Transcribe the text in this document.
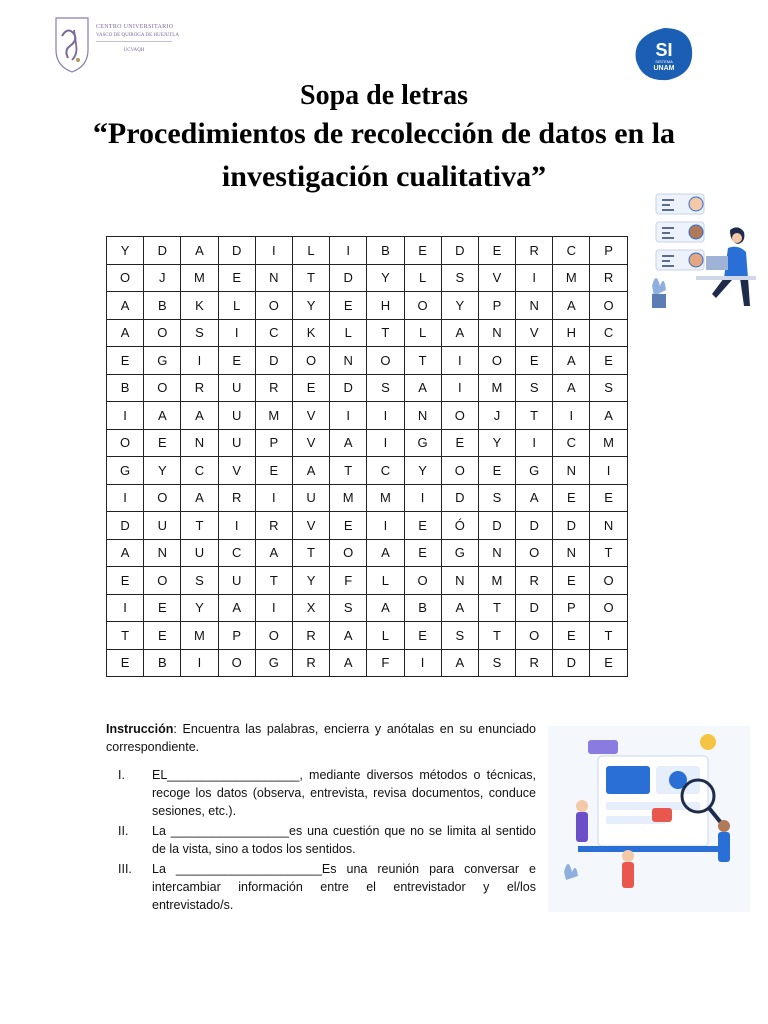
CENTRO UNIVERSITARIO
VASCO DE QUIROGA DE HUEJUTLA
UCVAQH	SI
SISTEMA
UNAM
Sopa de letras
“Procedimientos de recolección de datos en la
investigación cualitativa”
Y	D	A	D	I	L	I	B	E	D	E	R	C	P
O	J	M	E	N	T	D	Y	L	S	V	I	M	R
A	B	K	L	O	Y	E	H	O	Y	P	N	A	O
A	O	S	I	C	K	L	T	L	A	N	V	H	C
E	G	I	E	D	O	N	O	T	I	O	E	A	E
B	O	R	U	R	E	D	S	A	I	M	S	A	S
I	A	A	U	M	V	I	I	N	O	J	T	I	A
O	E	N	U	P	V	A	I	G	E	Y	I	C	M
G	Y	C	V	E	A	T	C	Y	O	E	G	N	I
I	O	A	R	I	U	M	M	I	D	S	A	E	E
D	U	T	I	R	V	E	I	E	Ó	D	D	D	N
A	N	U	C	A	T	O	A	E	G	N	O	N	T
E	O	S	U	T	Y	F	L	O	N	M	R	E	O
I	E	Y	A	I	X	S	A	B	A	T	D	P	O
T	E	M	P	O	R	A	L	E	S	T	O	E	T
E	B	I	O	G	R	A	F	I	A	S	R	D	E
Instrucción: Encuentra las palabras, encierra y anótalas en su enunciado correspondiente.
I. EL___________________, mediante diversos métodos o técnicas, recoge los datos (observa, entrevista, revisa documentos, conduce sesiones, etc.).
II. La _________________es una cuestión que no se limita al sentido de la vista, sino a todos los sentidos.
III. La _____________________Es una reunión para conversar e intercambiar información entre el entrevistador y el/los entrevistado/s.
